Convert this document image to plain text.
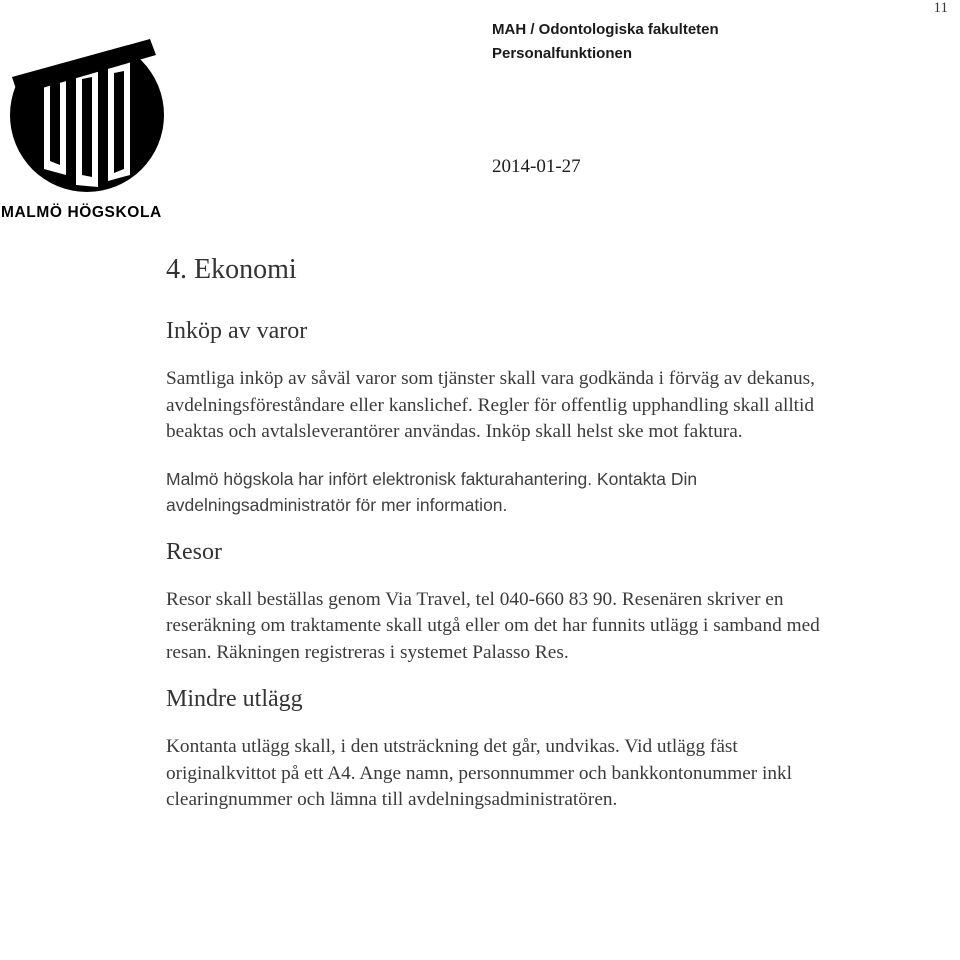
11
MAH / Odontologiska fakulteten
Personalfunktionen
2014-01-27
MALMÖ HÖGSKOLA
4. Ekonomi
Inköp av varor

Samtliga inköp av såväl varor som tjänster skall vara godkända i förväg av dekanus, avdelningsföreståndare eller kanslichef. Regler för offentlig upphandling skall alltid beaktas och avtalsleverantörer användas. Inköp skall helst ske mot faktura.

Malmö högskola har infört elektronisk fakturahantering. Kontakta Din avdelningsadministratör för mer information.

Resor

Resor skall beställas genom Via Travel, tel 040-660 83 90. Resenären skriver en reseräkning om traktamente skall utgå eller om det har funnits utlägg i samband med resan. Räkningen registreras i systemet Palasso Res.

Mindre utlägg

Kontanta utlägg skall, i den utsträckning det går, undvikas. Vid utlägg fäst originalkvittot på ett A4. Ange namn, personnummer och bankkontonummer inkl clearingnummer och lämna till avdelningsadministratören.
